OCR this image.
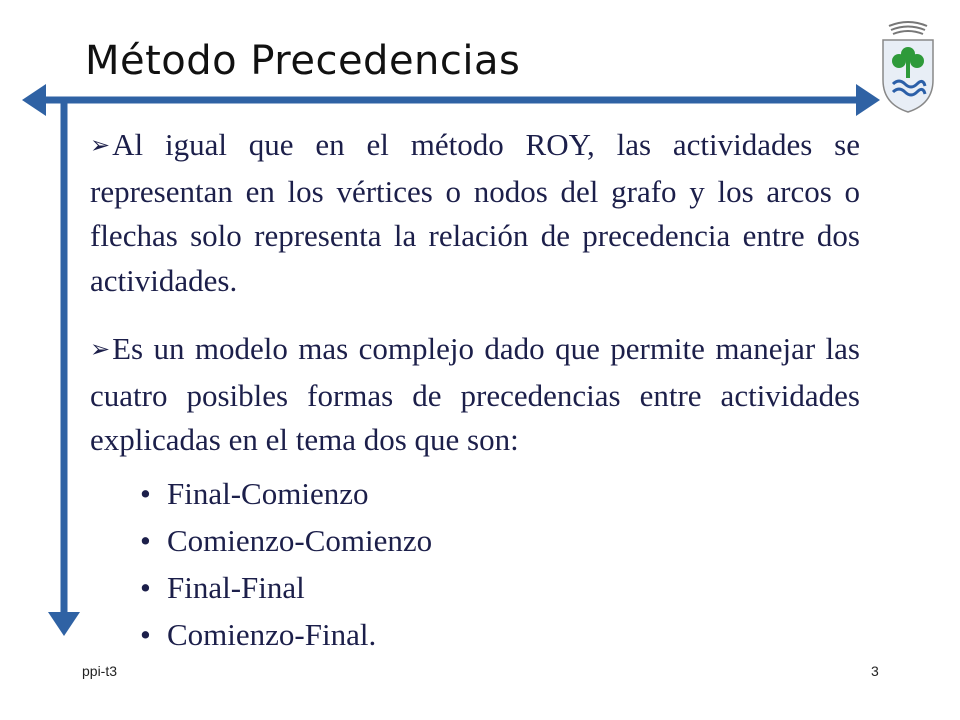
Método Precedencias
➢Al igual que en el método ROY, las actividades se representan en los vértices o nodos del grafo y los arcos o flechas solo representa la relación de precedencia entre dos actividades.
➢Es un modelo mas complejo dado que permite manejar las cuatro posibles formas de precedencias entre actividades explicadas en el tema dos que son:
• Final-Comienzo
• Comienzo-Comienzo
• Final-Final
• Comienzo-Final.
ppi-t3	3
